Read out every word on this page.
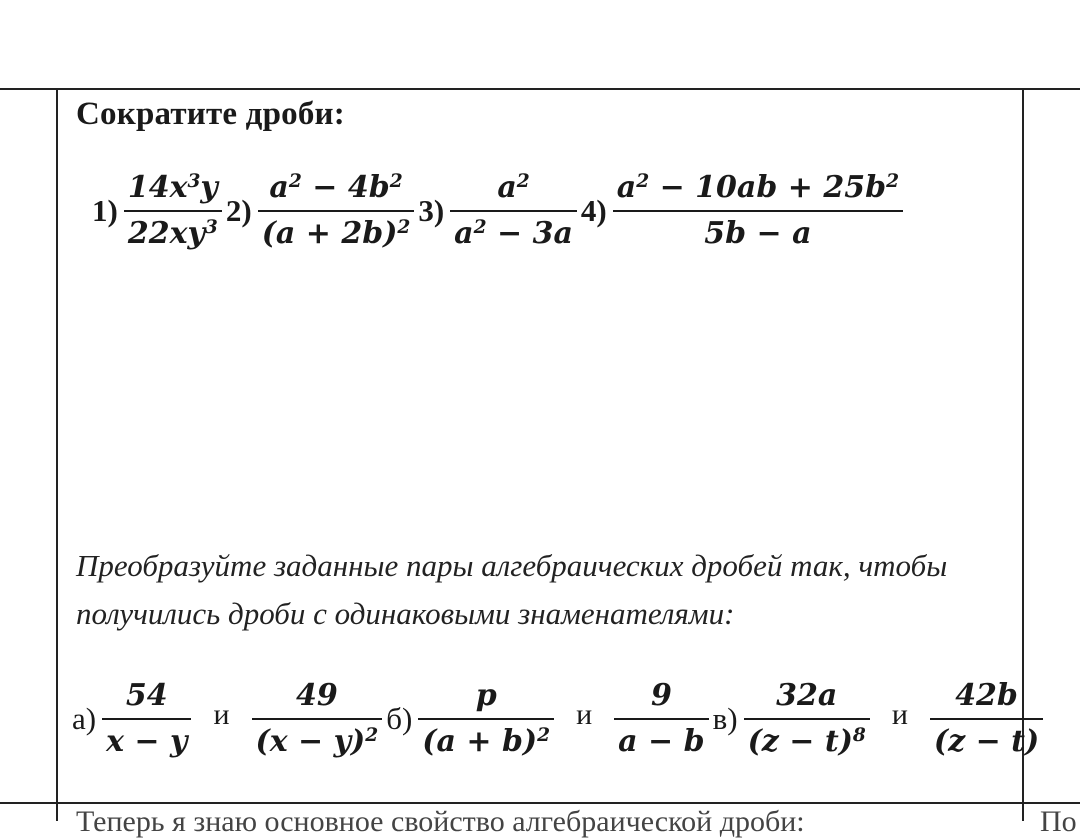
Сократите дроби:
$1) \frac{14x^3y}{22xy^3} 2) \frac{a^2 - 4b^2}{(a + 2b)^2} 3) \frac{a^2}{a^2 - 3a} 4) \frac{a^2 - 10ab + 25b^2}{5b - a}$
Преобразуйте заданные пары алгебраических дробей так, чтобы получились дроби с одинаковыми знаменателями:
$а) \frac{54}{x - y}$ и $\frac{49}{(x - y)^2} б) \frac{p}{(a + b)^2}$ и $\frac{9}{a - b} в) \frac{32a}{(z - t)^8}$ и $\frac{42b}{(z - t)}$
Теперь я знаю основное свойство алгебраической дроби:	По
